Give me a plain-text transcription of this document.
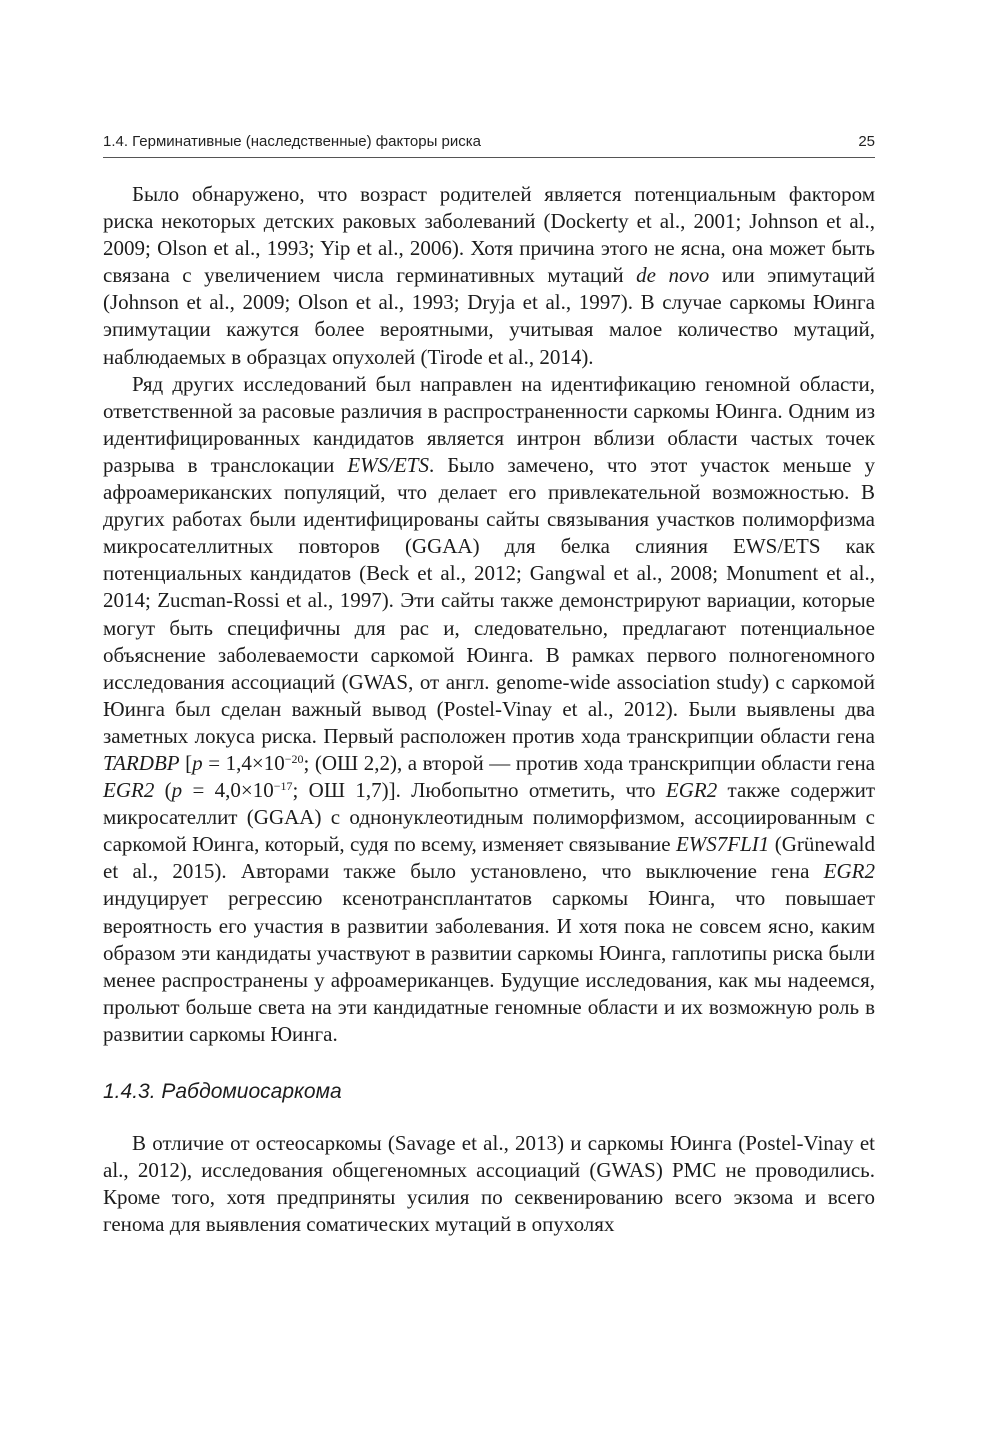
1.4. Герминативные (наследственные) факторы риска	25

Было обнаружено, что возраст родителей является потенциальным фактором риска некоторых детских раковых заболеваний (Dockerty et al., 2001; Johnson et al., 2009; Olson et al., 1993; Yip et al., 2006). Хотя причина этого не ясна, она может быть связана с увеличением числа герминативных мутаций de novo или эпимутаций (Johnson et al., 2009; Olson et al., 1993; Dryja et al., 1997). В случае саркомы Юинга эпимутации кажутся более вероятными, учитывая малое количество мутаций, наблюдаемых в образцах опухолей (Tirode et al., 2014).

Ряд других исследований был направлен на идентификацию геномной области, ответственной за расовые различия в распространенности саркомы Юинга. Одним из идентифицированных кандидатов является интрон вблизи области частых точек разрыва в транслокации EWS/ETS. Было замечено, что этот участок меньше у афроамериканских популяций, что делает его привлекательной возможностью. В других работах были идентифицированы сайты связывания участков полиморфизма микросателлитных повторов (GGAA) для белка слияния EWS/ETS как потенциальных кандидатов (Beck et al., 2012; Gangwal et al., 2008; Monument et al., 2014; Zucman-Rossi et al., 1997). Эти сайты также демонстрируют вариации, которые могут быть специфичны для рас и, следовательно, предлагают потенциальное объяснение заболеваемости саркомой Юинга. В рамках первого полногеномного исследования ассоциаций (GWAS, от англ. genome-wide association study) с саркомой Юинга был сделан важный вывод (Postel-Vinay et al., 2012). Были выявлены два заметных локуса риска. Первый расположен против хода транскрипции области гена TARDBP [$p = 1,4\times 10^{-20}$; (ОШ 2,2), а второй — против хода транскрипции области гена EGR2 ($p = 4,0\times 10^{-17}$; ОШ 1,7)]. Любопытно отметить, что EGR2 также содержит микросателлит (GGAA) с однонуклеотидным полиморфизмом, ассоциированным с саркомой Юинга, который, судя по всему, изменяет связывание EWS7FLI1 (Grünewald et al., 2015). Авторами также было установлено, что выключение гена EGR2 индуцирует регрессию ксенотрансплантатов саркомы Юинга, что повышает вероятность его участия в развитии заболевания. И хотя пока не совсем ясно, каким образом эти кандидаты участвуют в развитии саркомы Юинга, гаплотипы риска были менее распространены у афроамериканцев. Будущие исследования, как мы надеемся, прольют больше света на эти кандидатные геномные области и их возможную роль в развитии саркомы Юинга.

1.4.3. Рабдомиосаркома

В отличие от остеосаркомы (Savage et al., 2013) и саркомы Юинга (Postel-Vinay et al., 2012), исследования общегеномных ассоциаций (GWAS) РМС не проводились. Кроме того, хотя предприняты усилия по секвенированию всего экзома и всего генома для выявления соматических мутаций в опухолях
